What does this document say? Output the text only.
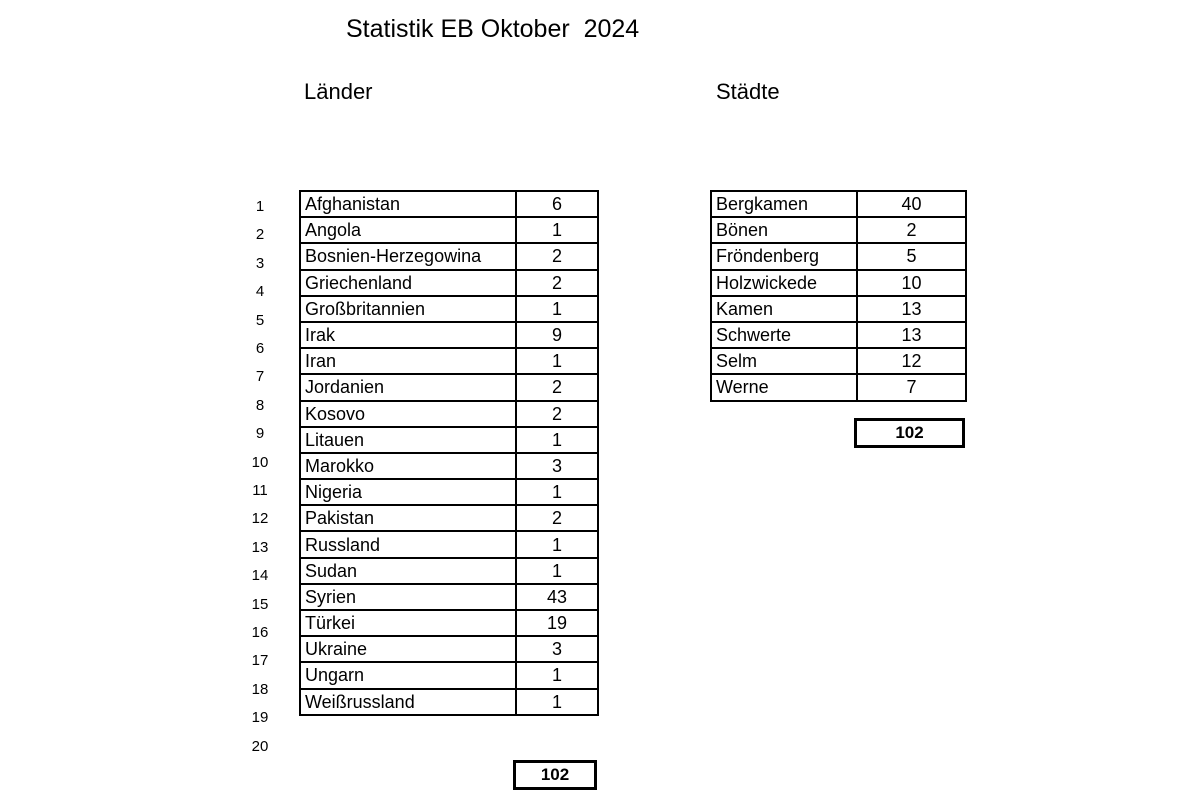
Statistik EB Oktober  2024
Länder	Städte
1
2
3
4
5
6
7
8
9
10
11
12
13
14
15
16
17
18
19
20
Afghanistan	6
Angola	1
Bosnien-Herzegowina	2
Griechenland	2
Großbritannien	1
Irak	9
Iran	1
Jordanien	2
Kosovo	2
Litauen	1
Marokko	3
Nigeria	1
Pakistan	2
Russland	1
Sudan	1
Syrien	43
Türkei	19
Ukraine	3
Ungarn	1
Weißrussland	1
102
Bergkamen	40
Bönen	2
Fröndenberg	5
Holzwickede	10
Kamen	13
Schwerte	13
Selm	12
Werne	7
102
